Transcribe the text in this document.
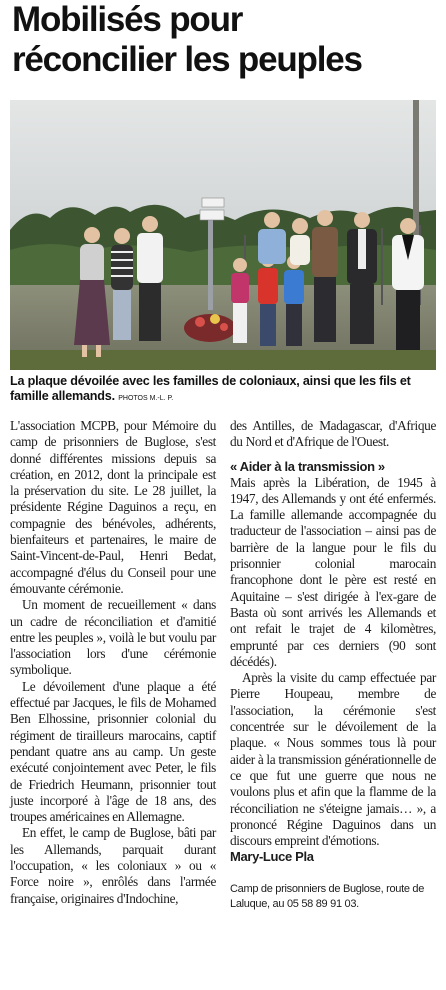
Mobilisés pour
réconcilier les peuples
La plaque dévoilée avec les familles de coloniaux, ainsi que les fils et famille allemands. PHOTOS M.-L. P.

L'association MCPB, pour Mémoire du camp de prisonniers de Buglose, s'est donné différentes missions depuis sa création, en 2012, dont la principale est la préservation du site. Le 28 juillet, la présidente Régine Daguinos a reçu, en compagnie des bénévoles, adhérents, bienfaiteurs et partenaires, le maire de Saint-Vincent-de-Paul, Henri Bedat, accompagné d'élus du Conseil pour une émouvante cérémonie.

Un moment de recueillement « dans un cadre de réconciliation et d'amitié entre les peuples », voilà le but voulu par l'association lors d'une cérémonie symbolique.

Le dévoilement d'une plaque a été effectué par Jacques, le fils de Mohamed Ben Elhossine, prisonnier colonial du régiment de tirailleurs marocains, captif pendant quatre ans au camp. Un geste exécuté conjointement avec Peter, le fils de Friedrich Heumann, prisonnier tout juste incorporé à l'âge de 18 ans, des troupes américaines en Allemagne.

En effet, le camp de Buglose, bâti par les Allemands, parquait durant l'occupation, « les coloniaux » ou « Force noire », enrôlés dans l'armée française, originaires d'Indochine,

des Antilles, de Madagascar, d'Afrique du Nord et d'Afrique de l'Ouest.

« Aider à la transmission »

Mais après la Libération, de 1945 à 1947, des Allemands y ont été enfermés. La famille allemande accompagnée du traducteur de l'association – ainsi pas de barrière de la langue pour le fils du prisonnier colonial marocain francophone dont le père est resté en Aquitaine – s'est dirigée à l'ex-gare de Basta où sont arrivés les Allemands et ont refait le trajet de 4 kilomètres, emprunté par ces derniers (90 sont décédés).

Après la visite du camp effectuée par Pierre Houpeau, membre de l'association, la cérémonie s'est concentrée sur le dévoilement de la plaque. « Nous sommes tous là pour aider à la transmission générationnelle de ce que fut une guerre que nous ne voulons plus et afin que la flamme de la réconciliation ne s'éteigne jamais… », a prononcé Régine Daguinos dans un discours empreint d'émotions.

Mary-Luce Pla
Camp de prisonniers de Buglose, route de Laluque, au 05 58 89 91 03.
